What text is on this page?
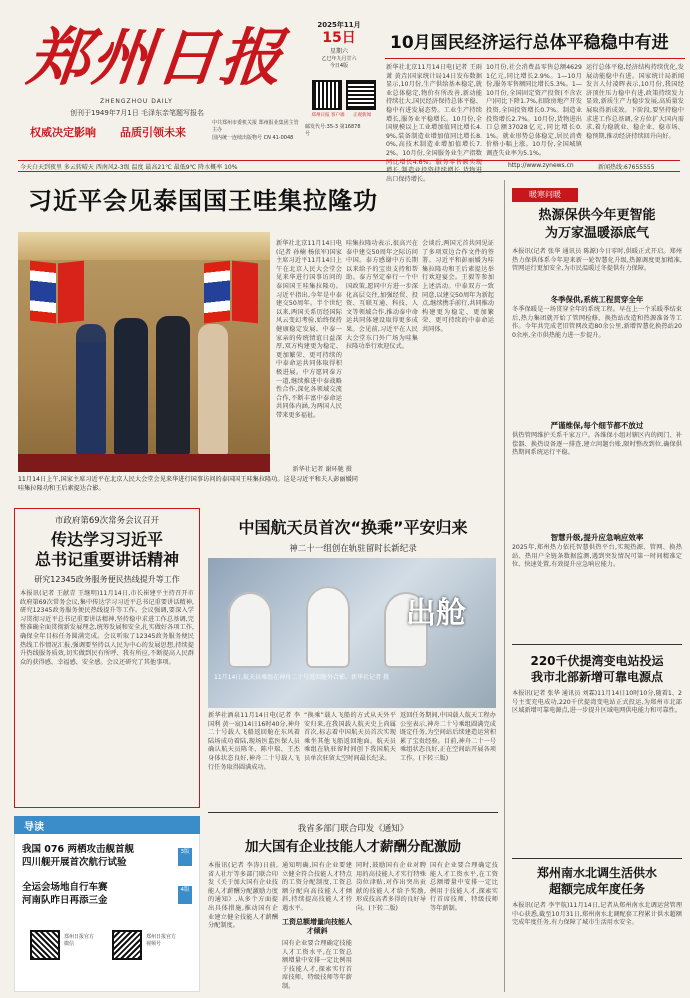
郑州日报
ZHENGZHOU DAILY
创刊于1949年7月1日 毛泽东亲笔题写报名
权威决定影响 品质引领未来
中共郑州市委机关报 郑州报业集团主管主办
国内统一连续出版物号 CN 41-0048
邮发代号:35-3 第16878号
2025年11月
15日
星期六
乙巳年九月廿六
今日4版
郑州日报 客户端	正观新闻
10月国民经济运行总体平稳稳中有进
新华社北京11月14日电(记者 王雨萧 黄垚)国家统计局14日发布数据显示,10月份,生产供给基本稳定,就业总体稳定,物价有所改善,新动能持续壮大,国民经济保持总体平稳、稳中有进发展态势。工业生产持续增长,服务业平稳增长。10月份,全国规模以上工业增加值同比增长4.9%,装备制造业增加值同比增长8.0%,高技术制造业增加值增长7.2%。10月份,全国服务业生产指数同比增长4.6%。服务零售额实现增长,制造业投资持续增长,货物进出口保持增长。
10月份,社会消费品零售总额46291亿元,同比增长2.9%。1—10月份,服务零售额同比增长5.3%。1—10月份,全国固定资产投资(不含农户)同比下降1.7%,扣除房地产开发投资,全国投资增长0.7%。制造业投资增长2.7%。10月份,货物进出口总额37028亿元,同比增长0.1%。就业形势总体稳定,居民消费价格小幅上涨。10月份,全国城镇调查失业率为5.1%。
运行总体平稳,经济结构持续优化,发展动能稳中有进。国家统计局新闻发言人付凌晖表示,10月份,我国经济顶住压力稳中有进,政策持续发力显效,新质生产力稳步发展,高质量发展取得新成效。下阶段,要坚持稳中求进工作总基调,全方位扩大国内需求,着力稳就业、稳企业、稳市场、稳预期,推动经济持续回升向好。
今天白天到夜里 多云转晴天 西南风2-3级 温度 最高21℃ 最低9℃ 降水概率 10%	http://www.zynews.cn	新闻热线:67655555
习近平会见泰国国王哇集拉隆功
11月14日上午,国家主席习近平在北京人民大会堂会见来华进行国事访问的泰国国王哇集拉隆功。这是习近平和夫人彭丽媛同哇集拉隆功和王后素提达合影。
新华社记者 谢环驰 摄
新华社北京11月14日电(记者 孙楠 杨依军)国家主席习近平11月14日上午在北京人民大会堂会见来华进行国事访问的泰国国王哇集拉隆功。习近平指出,今年是中泰建交50周年。半个世纪以来,两国关系历经国际风云变幻考验,始终保持健康稳定发展。中泰一家亲的传统情谊日益深厚,双方构建更为稳定、更加繁荣、更可持续的中泰命运共同体取得积极进展。中方愿同泰方一道,继续推进中泰战略性合作,深化各领域交流合作,不断丰富中泰命运共同体内涵,为两国人民带来更多福祉。
哇集拉隆功表示,很高兴在泰中建交50周年之际访问中国。泰方感谢中方长期以来给予的宝贵支持和帮助。泰方坚定奉行一个中国政策,愿同中方进一步深化高层交往,加强经贸、投资、互联互通、科技、人文等领域合作,推动泰中命运共同体建设取得更多成果。会见前,习近平在人民大会堂东门外广场为哇集拉隆功举行欢迎仪式。
会谈后,两国元首共同见证了多项双边合作文件的签署。习近平和彭丽媛为哇集拉隆功和王后素提达举行欢迎宴会。王毅等参加上述活动。中泰双方一致同意,以建交50周年为新起点,继续携手前行,共同推动构建更为稳定、更加繁荣、更可持续的中泰命运共同体。
暖寒问暖
热源保供今年更智能
为万家温暖添底气
本报讯(记者 张华 通讯员 陈源)今日零时,供暖正式开启。郑州热力保供体系今年迎来新一轮智慧化升级,热源调度更加精准,管网运行更加安全,为市民温暖过冬提供有力保障。
冬季保供,系统工程贯穿全年
冬季保暖是一场贯穿全年的系统工程。早在上一个采暖季结束后,热力集团就开始了管网检修、换热站改造和热源准备等工作。今年共完成老旧管网改造80余公里,新增智慧化换热站200余座,全市供热能力进一步提升。
严谨维保,每个细节都不放过
供热管网维护关系千家万户。各维保小组对辖区内的阀门、补偿器、换热设备逐一排查,建立问题台账,限时整改到位,确保供热期间系统运行平稳。
智慧升级,提升应急响应效率
2025年,郑州热力依托智慧供热平台,实现热源、管网、换热站、热用户全链条数据监测,遇到突发情况可第一时间精准定位、快速处置,有效提升应急响应能力。
220千伏提湾变电站投运
我市北部新增可靠电源点
本报讯(记者 张华 通讯员 刘霖)11月14日10时10分,随着1、2号主变充电成功,220千伏提湾变电站正式投运,为郑州市北部区域新增可靠电源点,进一步提升区域电网供电能力和可靠性。
郑州南水北调生活供水
超额完成年度任务
本报讯(记者 李宇航)11月14日,记者从郑州南水北调运营管理中心获悉,截至10月31日,郑州南水北调配套工程累计供水超额完成年度任务,有力保障了城市生活用水安全。
市政府第69次常务会议召开
传达学习习近平
总书记重要讲话精神
研究12345政务服务便民热线提升等工作
本报讯(记者 王献青 王继明)11月14日,市长崔建平主持召开市政府第69次常务会议,集中传达学习习近平总书记重要讲话精神,研究12345政务服务便民热线提升等工作。会议强调,要深入学习贯彻习近平总书记重要讲话精神,坚持稳中求进工作总基调,完整准确全面贯彻新发展理念,统筹发展和安全,扎实做好各项工作,确保全年目标任务圆满完成。会议听取了12345政务服务便民热线工作情况汇报,强调要坚持以人民为中心的发展思想,持续提升热线服务质效,切实做到民有所呼、我有所应,不断提高人民群众的获得感、幸福感、安全感。会议还研究了其他事项。
中国航天员首次“换乘”平安归来
神二十一组创在轨驻留时长新纪录
出舱
11月14日,航天员乘组在神舟二十号返回舱外合影。新华社记者 摄
新华社酒泉11月14日电(记者 李国利 黄一宸)14日16时40分,神舟二十号载人飞船返回舱在东风着陆场成功着陆,现场医监医保人员确认航天员陈冬、陈中瑞、王杰身体状态良好,神舟二十号载人飞行任务取得圆满成功。
“换乘”载人飞船的方式从天外平安归来,在我国载人航天史上尚属首次,标志着中国航天员首次实现乘坐其他飞船返回地面。航天员乘组在轨驻留时间创下我国航天员单次驻留太空时间最长纪录。
返回任务期间,中国载人航天工程办公室表示,神舟二十号乘组圆满完成既定任务,为空间站后续建造运营积累了宝贵经验。目前,神舟二十一号乘组状态良好,正在空间站开展各项工作。(下转三版)
导读
我国 076 两栖攻击舰首舰
四川舰开展首次航行试验
3版
全运会场地自行车赛
河南队昨日再添三金
4版
郑州日报官方微信
郑州日报官方视频号
我省多部门联合印发《通知》
加大国有企业技能人才薪酬分配激励
本报讯(记者 李涛)日前,省人社厅等多部门联合印发《关于加大国有企业技能人才薪酬分配激励力度的通知》,从多个方面提出具体措施,推动国有企业建立健全技能人才薪酬分配制度。
通知明确,国有企业要建立健全符合技能人才特点的工资分配制度,工资总额分配向高技能人才倾斜,持续提高技能人才待遇水平。
工资总额增量向技能人才倾斜
国有企业要合理确定技能人才工资水平,在工资总额增量中安排一定比例用于技能人才,探索实行首席技师、特级技师等年薪制。
同时,鼓励国有企业对聘用的高技能人才实行特殊岗位津贴,对作出突出贡献的技能人才给予奖励,形成技高者多得的良好导向。(下转二版)
国有企业要合理确定技能人才工资水平,在工资总额增量中安排一定比例用于技能人才,探索实行首席技师、特级技师等年薪制。
